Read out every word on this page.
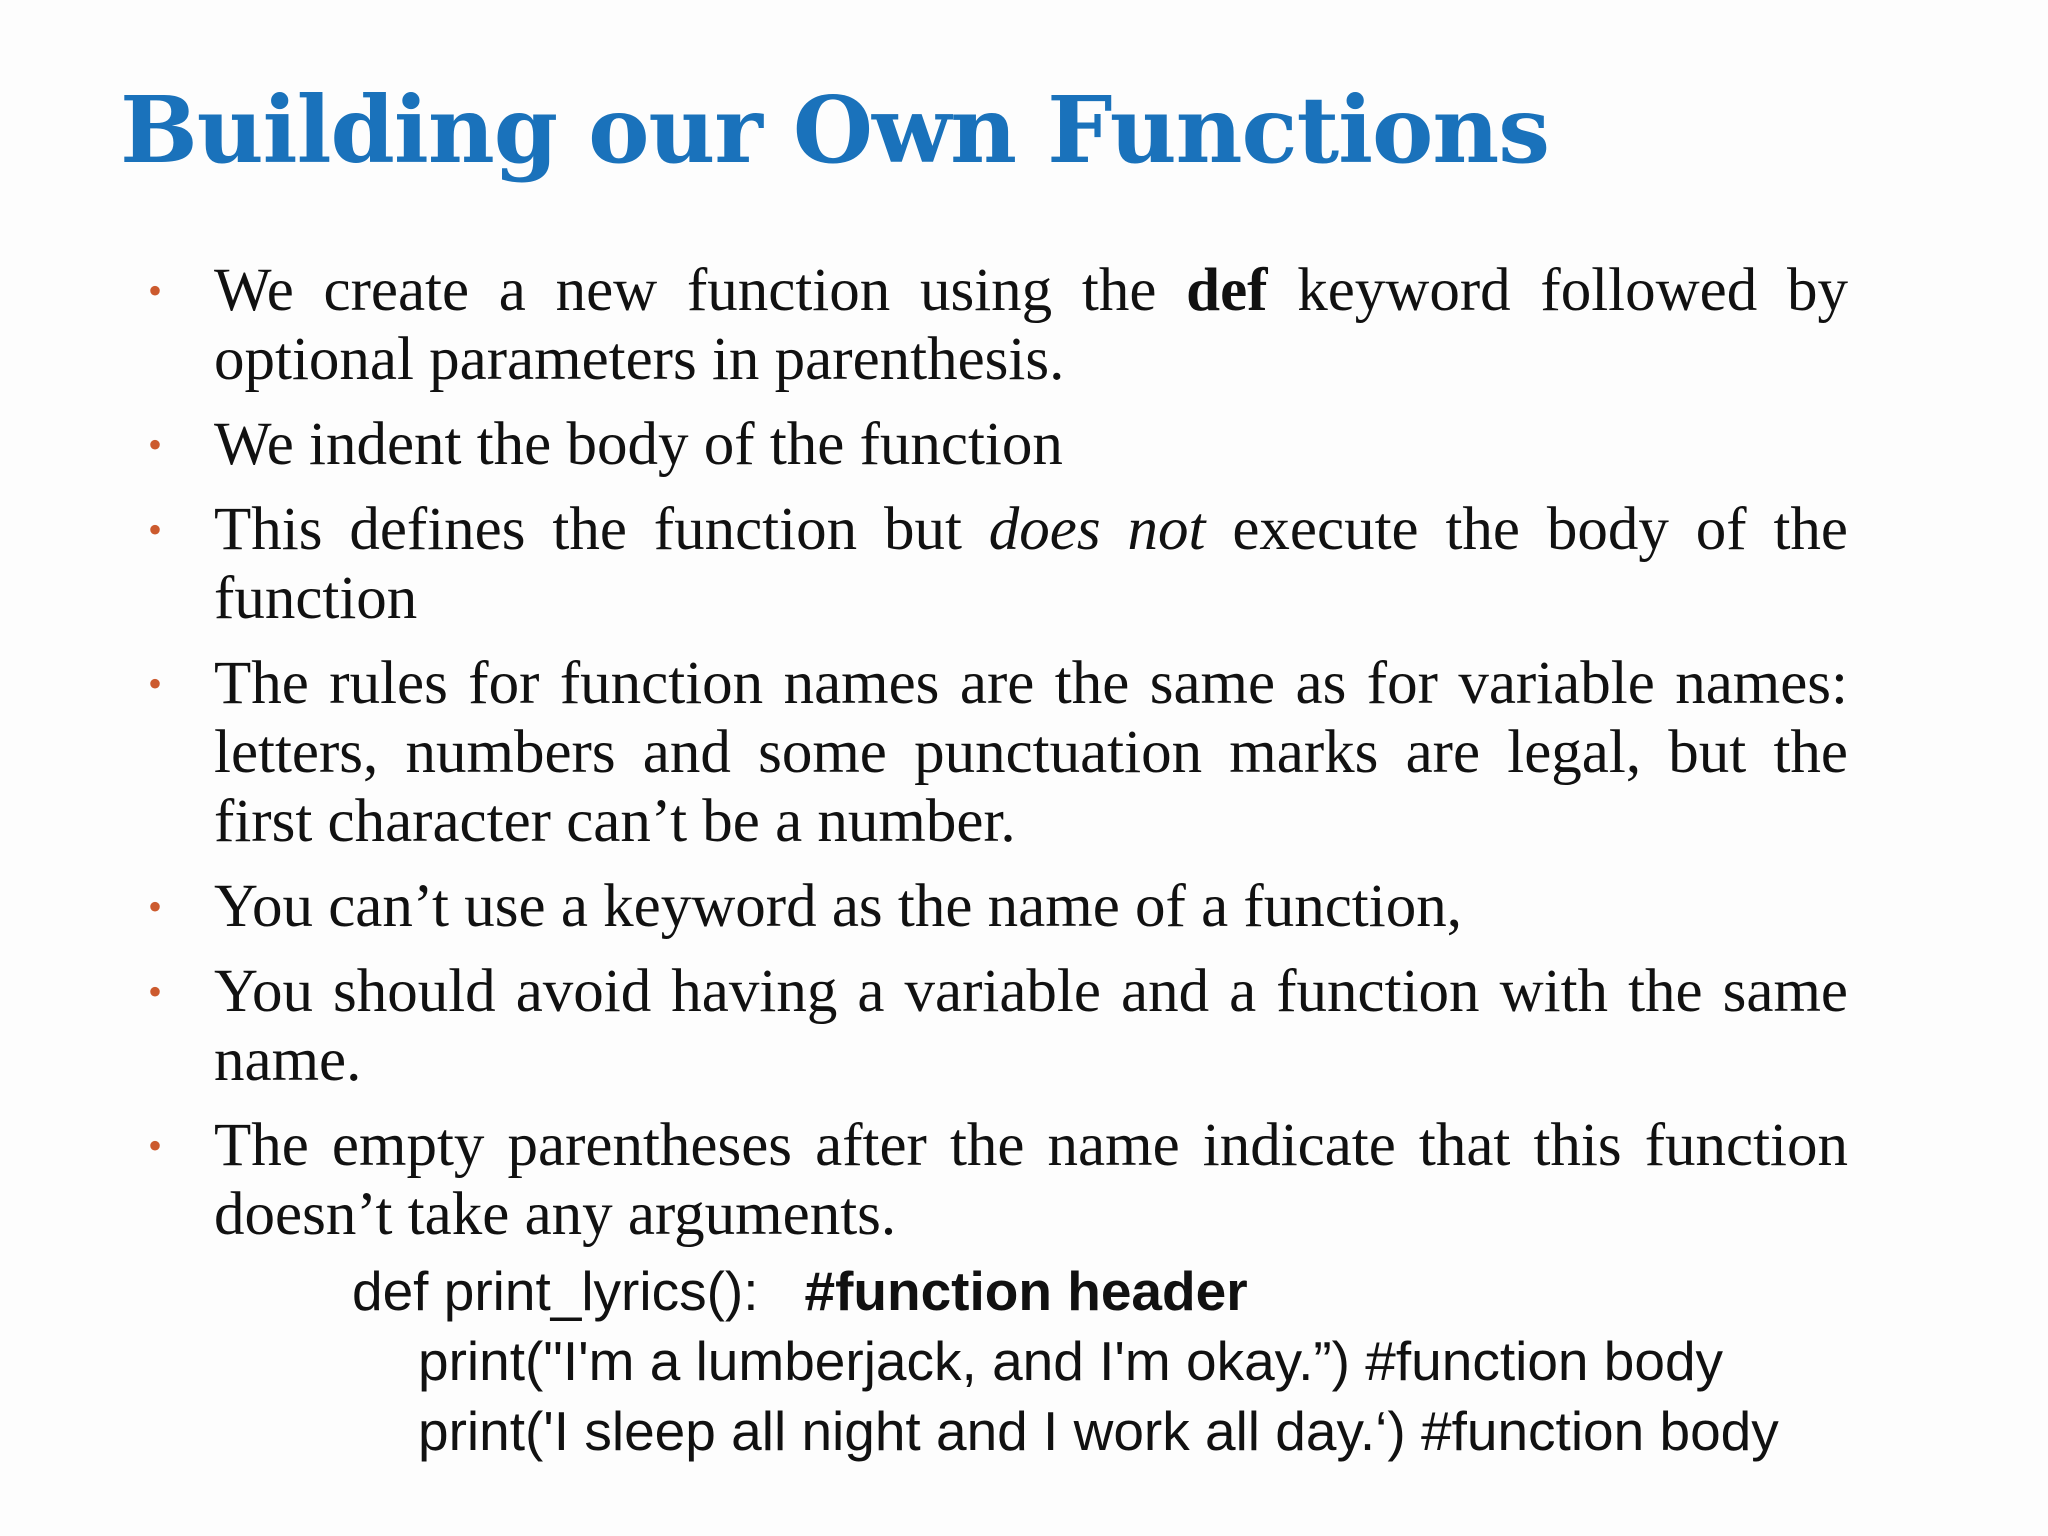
Building our Own Functions
• We create a new function using the def keyword followed by optional parameters in parenthesis.
• We indent the body of the function
• This defines the function but does not execute the body of the function
• The rules for function names are the same as for variable names: letters, numbers and some punctuation marks are legal, but the first character can’t be a number.
• You can’t use a keyword as the name of a function,
• You should avoid having a variable and a function with the same name.
• The empty parentheses after the name indicate that this function doesn’t take any arguments.

def print_lyrics(): #function header

print("I'm a lumberjack, and I'm okay.”) #function body

print('I sleep all night and I work all day.‘) #function body
